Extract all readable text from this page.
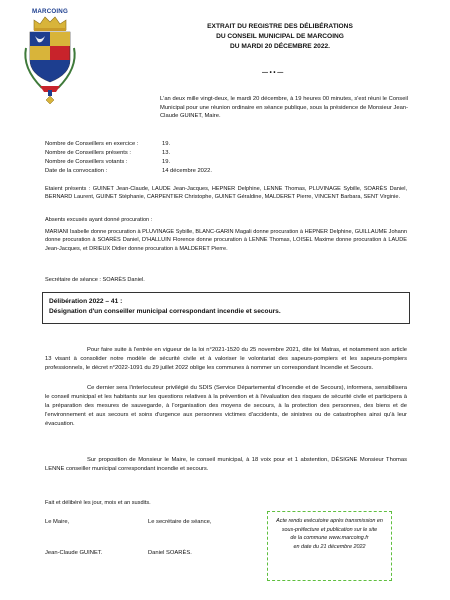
MARCOING
EXTRAIT DU REGISTRE DES DÉLIBÉRATIONS
DU CONSEIL MUNICIPAL DE MARCOING
DU MARDI 20 DÉCEMBRE 2022.
— • • —
L'an deux mille vingt-deux, le mardi 20 décembre, à 19 heures 00 minutes, s'est réuni le Conseil Municipal pour une réunion ordinaire en séance publique, sous la présidence de Monsieur Jean-Claude GUINET, Maire.
Nombre de Conseillers en exercice :	19.
Nombre de Conseillers présents :	13.
Nombre de Conseillers votants :	19.
Date de la convocation :	14 décembre 2022.
Etaient présents : GUINET Jean-Claude, LAUDE Jean-Jacques, HEPNER Delphine, LENNE Thomas, PLUVINAGE Sybille, SOARÈS Daniel, BERNARD Laurent, GUINET Stéphanie, CARPENTIER Christophe, GUINET Géraldine, MALDERET Pierre, VINCENT Barbara, SENT Virginie.
Absents excusés ayant donné procuration :
MARIANI Isabelle donne procuration à PLUVINAGE Sybille, BLANC-GARIN Magali donne procuration à HEPNER Delphine, GUILLAUME Johann donne procuration à SOARÈS Daniel, D'HALLUIN Florence donne procuration à LENNE Thomas, LOISEL Maxime donne procuration à LAUDE Jean-Jacques, et DRIEUX Didier donne procuration à MALDERET Pierre.
Secrétaire de séance : SOARÈS Daniel.
Délibération 2022 – 41 :
Désignation d'un conseiller municipal correspondant incendie et secours.
Pour faire suite à l'entrée en vigueur de la loi n°2021-1520 du 25 novembre 2021, dite loi Matras, et notamment son article 13 visant à consolider notre modèle de sécurité civile et à valoriser le volontariat des sapeurs-pompiers et les sapeurs-pompiers professionnels, le décret n°2022-1091 du 29 juillet 2022 oblige les communes à nommer un correspondant Incendie et Secours.
Ce dernier sera l'interlocuteur privilégié du SDIS (Service Départemental d'Incendie et de Secours), informera, sensibilisera le conseil municipal et les habitants sur les questions relatives à la prévention et à l'évaluation des risques de sécurité civile et participera à la préparation des mesures de sauvegarde, à l'organisation des moyens de secours, à la protection des personnes, des biens et de l'environnement et aux secours et soins d'urgence aux personnes victimes d'accidents, de sinistres ou de catastrophes ainsi qu'à leur évacuation.
Sur proposition de Monsieur le Maire, le conseil municipal, à 18 voix pour et 1 abstention, DÉSIGNE Monsieur Thomas LENNE conseiller municipal correspondant incendie et secours.
Fait et délibéré les jour, mois et an susdits.
Le Maire,
Jean-Claude GUINET.
Le secrétaire de séance,
Daniel SOARÈS.
Acte rendu exécutoire après transmission en
sous-préfecture et publication sur le site
de la commune www.marcoing.fr
en date du 21 décembre 2022
